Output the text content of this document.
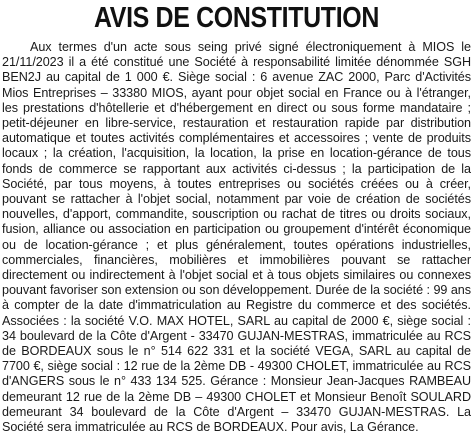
AVIS DE CONSTITUTION

Aux termes d'un acte sous seing privé signé électroniquement à MIOS le 21/11/2023 il a été constitué une Société à responsabilité limitée dénommée SGH BEN2J au capital de 1 000 €. Siège social : 6 avenue ZAC 2000, Parc d'Activités Mios Entreprises – 33380 MIOS, ayant pour objet social en France ou à l'étranger, les prestations d'hôtellerie et d'hébergement en direct ou sous forme mandataire ; petit-déjeuner en libre-service, restauration et restauration rapide par distribution automatique et toutes activités complémentaires et accessoires ; vente de produits locaux ; la création, l'acquisition, la location, la prise en location-gérance de tous fonds de commerce se rapportant aux activités ci-dessus ; la participation de la Société, par tous moyens, à toutes entreprises ou sociétés créées ou à créer, pouvant se rattacher à l'objet social, notamment par voie de création de sociétés nouvelles, d'apport, commandite, souscription ou rachat de titres ou droits sociaux, fusion, alliance ou association en participation ou groupement d'intérêt économique ou de location-gérance ; et plus généralement, toutes opérations industrielles, commerciales, financières, mobilières et immobilières pouvant se rattacher directement ou indirectement à l'objet social et à tous objets similaires ou connexes pouvant favoriser son extension ou son développement. Durée de la société : 99 ans à compter de la date d'immatriculation au Registre du commerce et des sociétés. Associées : la société V.O. MAX HOTEL, SARL au capital de 2000 €, siège social : 34 boulevard de la Côte d'Argent - 33470 GUJAN-MESTRAS, immatriculée au RCS de BORDEAUX sous le n° 514 622 331 et la société VEGA, SARL au capital de 7700 €, siège social : 12 rue de la 2ème DB - 49300 CHOLET, immatriculée au RCS d'ANGERS sous le n° 433 134 525. Gérance : Monsieur Jean-Jacques RAMBEAU demeurant 12 rue de la 2ème DB – 49300 CHOLET et Monsieur Benoît SOULARD demeurant 34 boulevard de la Côte d'Argent – 33470 GUJAN-MESTRAS. La Société sera immatriculée au RCS de BORDEAUX. Pour avis, La Gérance.
